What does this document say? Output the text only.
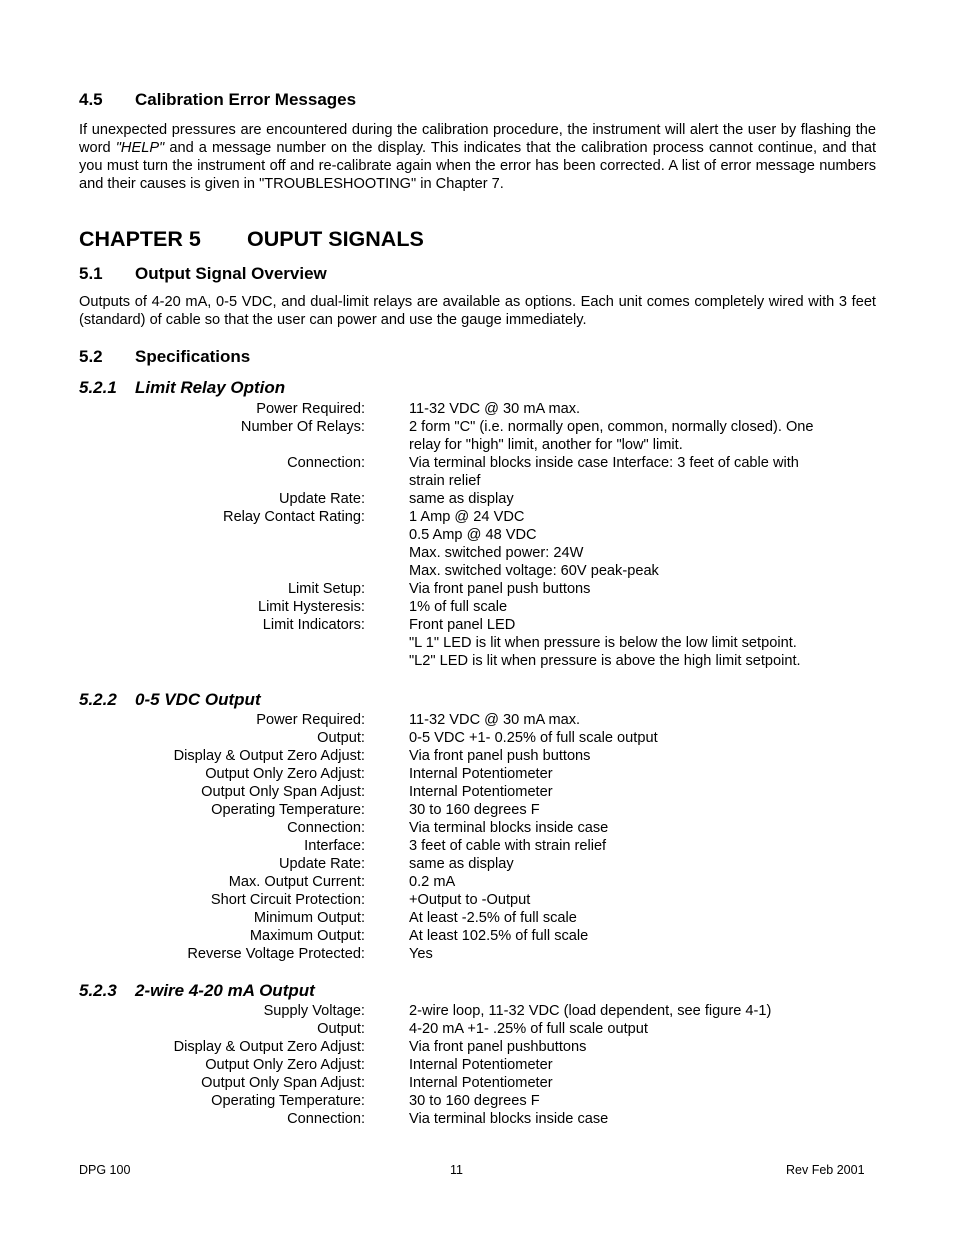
4.5 Calibration Error Messages
If unexpected pressures are encountered during the calibration procedure, the instrument will alert the user by flashing the word "HELP" and a message number on the display. This indicates that the calibration process cannot continue, and that you must turn the instrument off and re-calibrate again when the error has been corrected. A list of error message numbers and their causes is given in "TROUBLESHOOTING" in Chapter 7.
CHAPTER 5 OUPUT SIGNALS
5.1 Output Signal Overview
Outputs of 4-20 mA, 0-5 VDC, and dual-limit relays are available as options. Each unit comes completely wired with 3 feet (standard) of cable so that the user can power and use the gauge immediately.
5.2 Specifications
5.2.1 Limit Relay Option
Power Required:	11-32 VDC @ 30 mA max.
Number Of Relays:	2 form "C" (i.e. normally open, common, normally closed). One
relay for "high" limit, another for "low" limit.
Connection:	Via terminal blocks inside case Interface: 3 feet of cable with
strain relief
Update Rate:	same as display
Relay Contact Rating:	1 Amp @ 24 VDC
0.5 Amp @ 48 VDC
Max. switched power: 24W
Max. switched voltage: 60V peak-peak
Limit Setup:	Via front panel push buttons
Limit Hysteresis:	1% of full scale
Limit Indicators:	Front panel LED
"L 1" LED is lit when pressure is below the low limit setpoint.
"L2" LED is lit when pressure is above the high limit setpoint.
5.2.2 0-5 VDC Output
Power Required:	11-32 VDC @ 30 mA max.
Output:	0-5 VDC +1- 0.25% of full scale output
Display & Output Zero Adjust:	Via front panel push buttons
Output Only Zero Adjust:	Internal Potentiometer
Output Only Span Adjust:	Internal Potentiometer
Operating Temperature:	30 to 160 degrees F
Connection:	Via terminal blocks inside case
Interface:	3 feet of cable with strain relief
Update Rate:	same as display
Max. Output Current:	0.2 mA
Short Circuit Protection:	+Output to -Output
Minimum Output:	At least -2.5% of full scale
Maximum Output:	At least 102.5% of full scale
Reverse Voltage Protected:	Yes
5.2.3 2-wire 4-20 mA Output
Supply Voltage:	2-wire loop, 11-32 VDC (load dependent, see figure 4-1)
Output:	4-20 mA +1- .25% of full scale output
Display & Output Zero Adjust:	Via front panel pushbuttons
Output Only Zero Adjust:	Internal Potentiometer
Output Only Span Adjust:	Internal Potentiometer
Operating Temperature:	30 to 160 degrees F
Connection:	Via terminal blocks inside case
DPG 100	11	Rev Feb 2001
